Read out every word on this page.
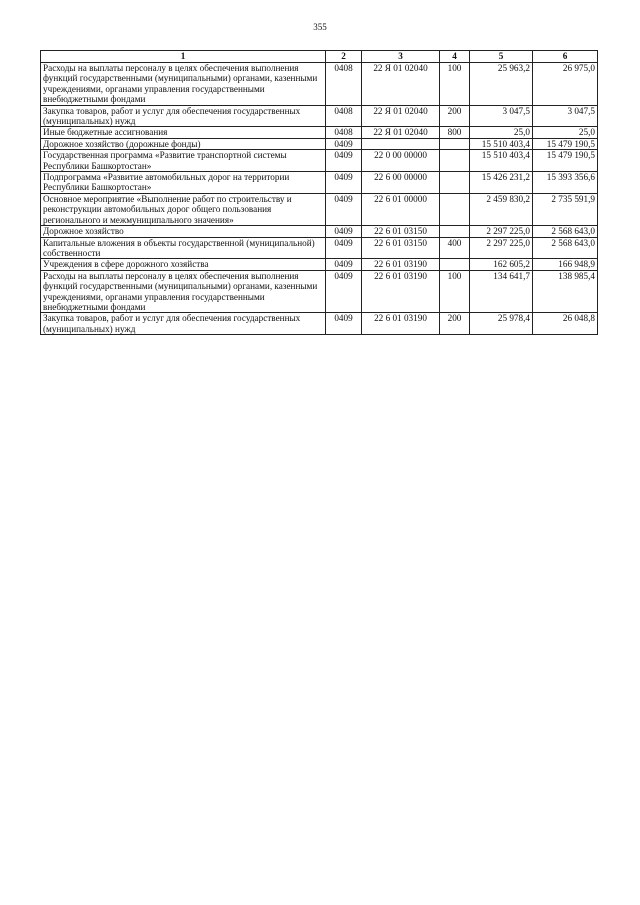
355
1	2	3	4	5	6
Расходы на выплаты персоналу в целях обеспечения выполнения функций государственными (муниципальными) органами, казенными учреждениями, органами управления государственными внебюджетными фондами	0408	22 Я 01 02040	100	25 963,2	26 975,0
Закупка товаров, работ и услуг для обеспечения государственных (муниципальных) нужд	0408	22 Я 01 02040	200	3 047,5	3 047,5
Иные бюджетные ассигнования	0408	22 Я 01 02040	800	25,0	25,0
Дорожное хозяйство (дорожные фонды)	0409			15 510 403,4	15 479 190,5
Государственная программа «Развитие транспортной системы Республики Башкортостан»	0409	22 0 00 00000		15 510 403,4	15 479 190,5
Подпрограмма «Развитие автомобильных дорог на территории Республики Башкортостан»	0409	22 6 00 00000		15 426 231,2	15 393 356,6
Основное мероприятие «Выполнение работ по строительству и реконструкции автомобильных дорог общего пользования регионального и межмуниципального значения»	0409	22 6 01 00000		2 459 830,2	2 735 591,9
Дорожное хозяйство	0409	22 6 01 03150		2 297 225,0	2 568 643,0
Капитальные вложения в объекты государственной (муниципальной) собственности	0409	22 6 01 03150	400	2 297 225,0	2 568 643,0
Учреждения в сфере дорожного хозяйства	0409	22 6 01 03190		162 605,2	166 948,9
Расходы на выплаты персоналу в целях обеспечения выполнения функций государственными (муниципальными) органами, казенными учреждениями, органами управления государственными внебюджетными фондами	0409	22 6 01 03190	100	134 641,7	138 985,4
Закупка товаров, работ и услуг для обеспечения государственных (муниципальных) нужд	0409	22 6 01 03190	200	25 978,4	26 048,8
